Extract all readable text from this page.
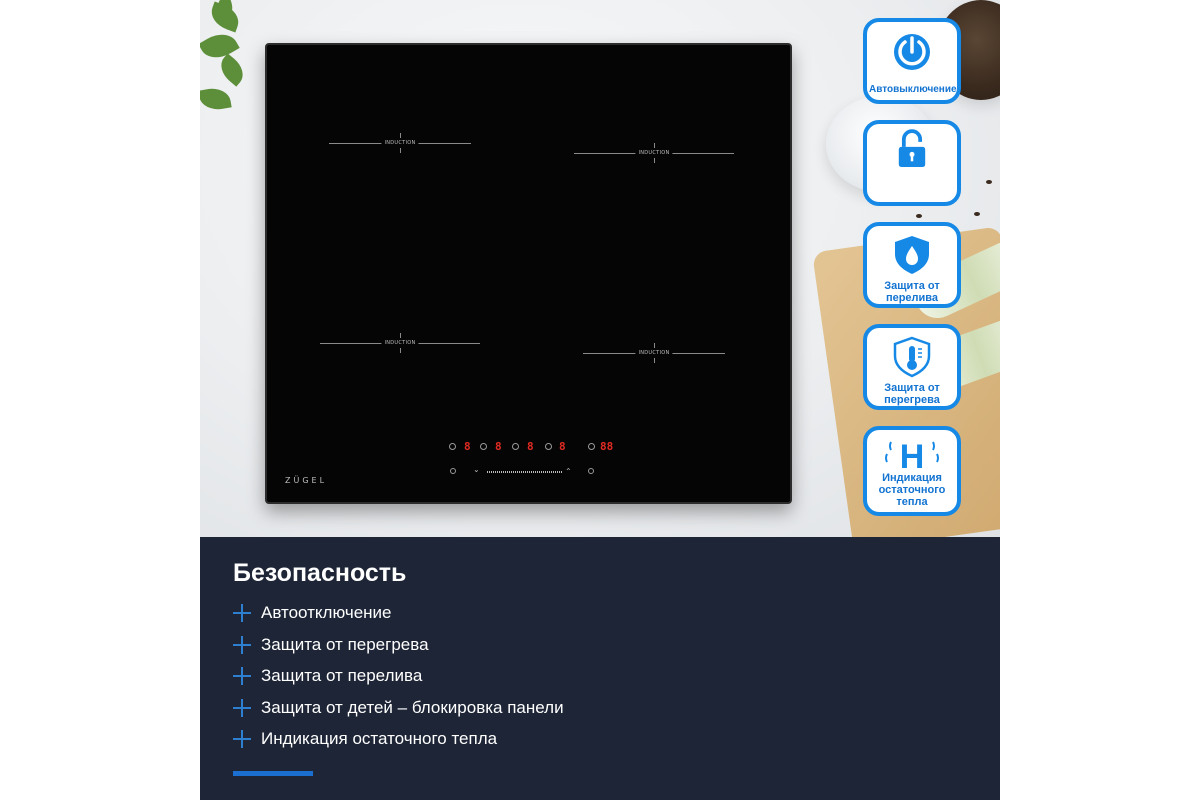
INDUCTION
INDUCTION
INDUCTION
INDUCTION
8 8 8 8	88
⌄	⌃
ZÜGEL
Автовыключение
Защита от перелива
Защита от перегрева
H
Индикация остаточного тепла
Безопасность
Автоотключение
Защита от перегрева
Защита от перелива
Защита от детей – блокировка панели
Индикация остаточного тепла
